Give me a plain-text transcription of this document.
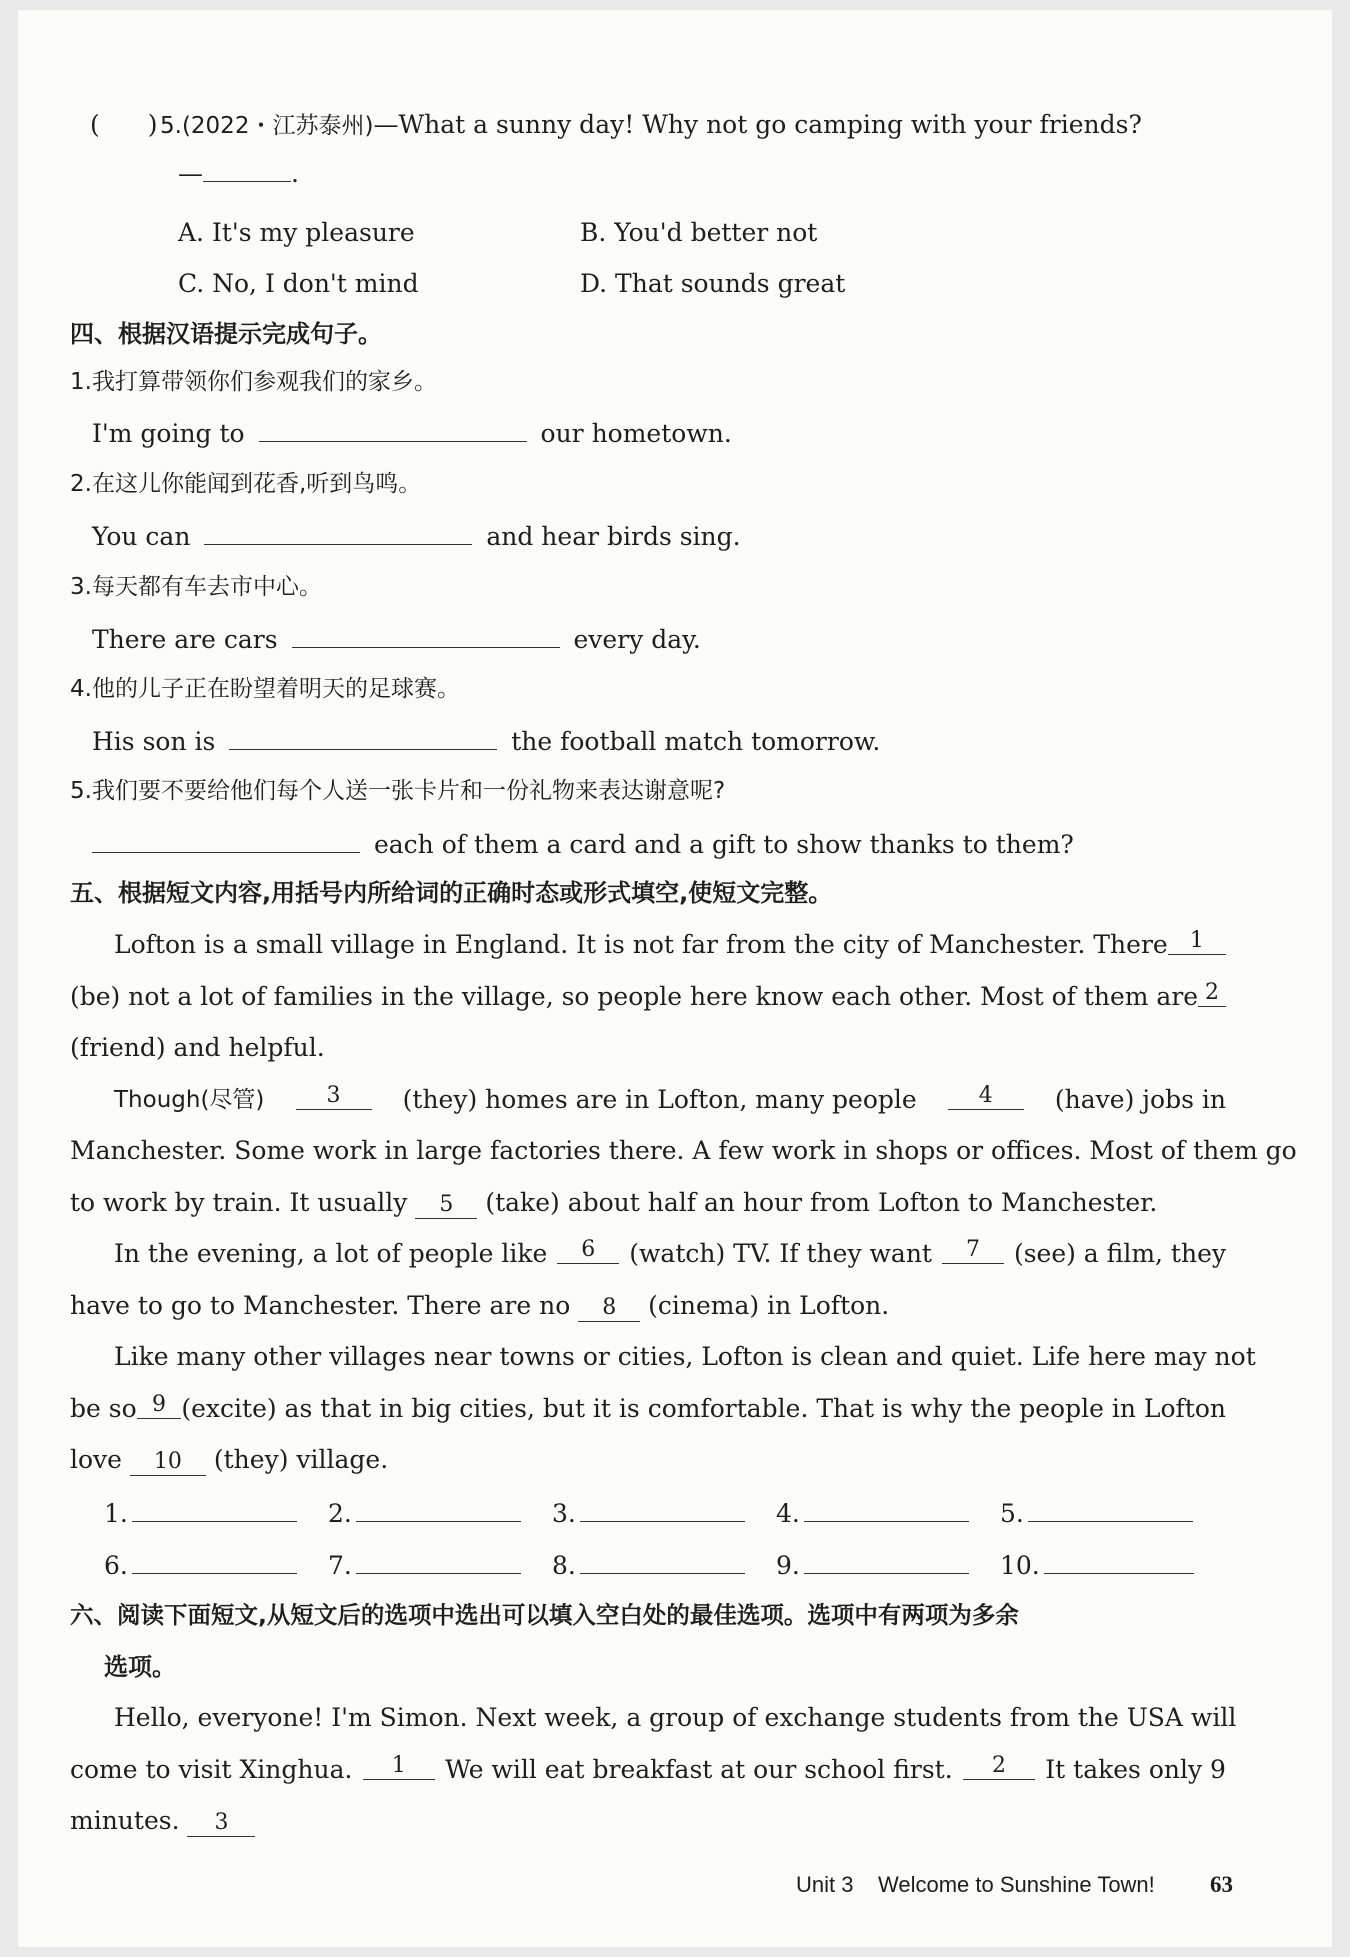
( ) 5.(2022・江苏泰州)—What a sunny day! Why not go camping with your friends?
—	.
A. It's my pleasure	B. You'd better not
C. No, I don't mind	D. That sounds great
四、根据汉语提示完成句子。
1.我打算带领你们参观我们的家乡。
I'm going to	our hometown.
2.在这儿你能闻到花香,听到鸟鸣。
You can	and hear birds sing.
3.每天都有车去市中心。
There are cars	every day.
4.他的儿子正在盼望着明天的足球赛。
His son is	the football match tomorrow.
5.我们要不要给他们每个人送一张卡片和一份礼物来表达谢意呢?
each of them a card and a gift to show thanks to them?
五、根据短文内容,用括号内所给词的正确时态或形式填空,使短文完整。
Lofton is a small village in England. It is not far from the city of Manchester. There	1
(be) not a lot of families in the village, so people here know each other. Most of them are 2
(friend) and helpful.
Though(尽管)	3	(they) homes are in Lofton, many people	4	(have) jobs in
Manchester. Some work in large factories there. A few work in shops or offices. Most of them go
to work by train. It usually 5 (take) about half an hour from Lofton to Manchester.
In the evening, a lot of people like	6	(watch) TV. If they want	7	(see) a film, they
have to go to Manchester. There are no 8 (cinema) in Lofton.
Like many other villages near towns or cities, Lofton is clean and quiet. Life here may not
be so 9 (excite) as that in big cities, but it is comfortable. That is why the people in Lofton
love 10 (they) village.
1.	2.	3.	4.	5.
6.	7.	8.	9.	10.
六、阅读下面短文,从短文后的选项中选出可以填入空白处的最佳选项。选项中有两项为多余
选项。
Hello, everyone! I'm Simon. Next week, a group of exchange students from the USA will
come to visit Xinghua.	1	We will eat breakfast at our school first.	2	It takes only 9
minutes. 3
Unit 3 Welcome to Sunshine Town! 63
